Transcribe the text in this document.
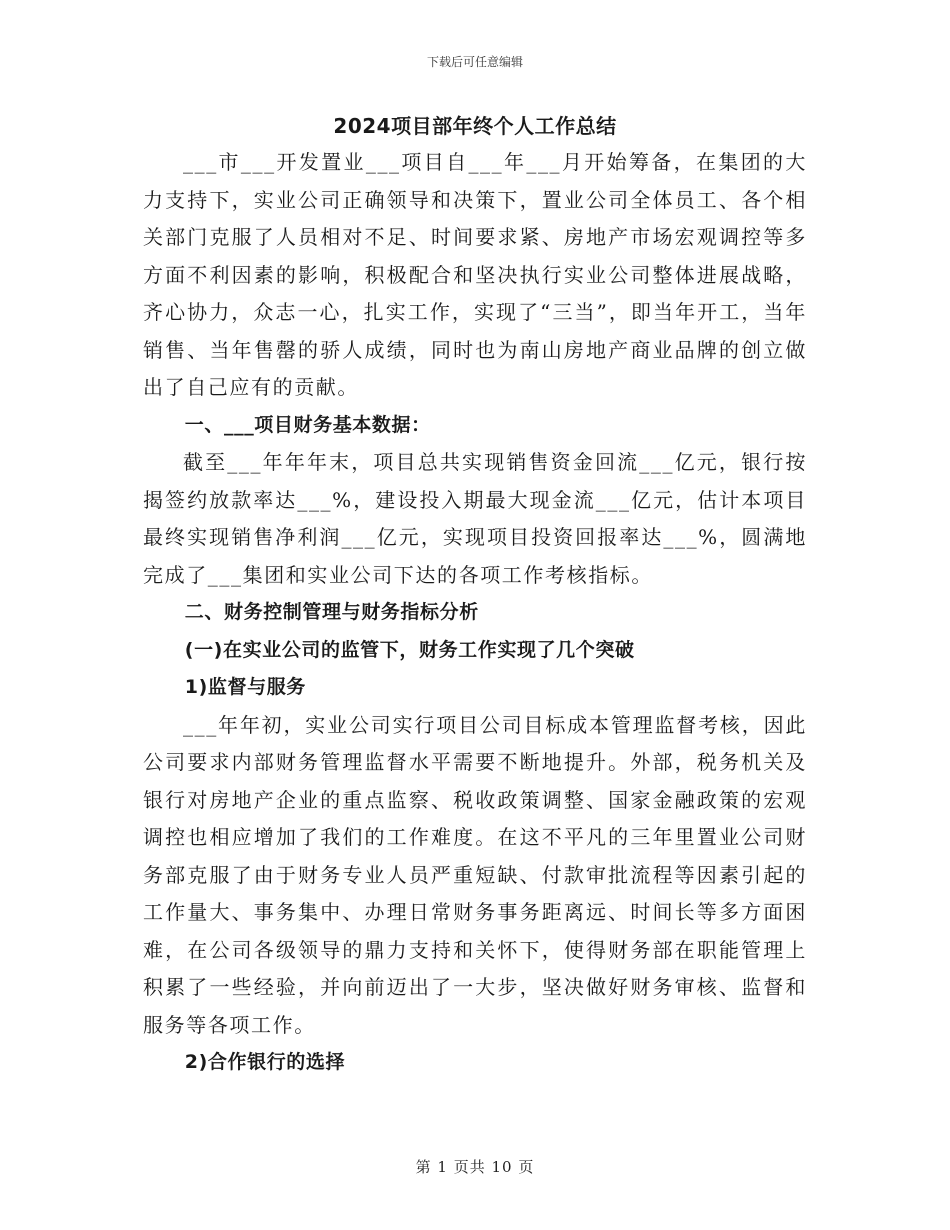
下载后可任意编辑
2024项目部年终个人工作总结

___市___开发置业___项目自___年___月开始筹备，在集团的大力支持下，实业公司正确领导和决策下，置业公司全体员工、各个相关部门克服了人员相对不足、时间要求紧、房地产市场宏观调控等多方面不利因素的影响，积极配合和坚决执行实业公司整体进展战略，齐心协力，众志一心，扎实工作，实现了“三当”，即当年开工，当年销售、当年售罄的骄人成绩，同时也为南山房地产商业品牌的创立做出了自己应有的贡献。

一、___项目财务基本数据：

截至___年年年末，项目总共实现销售资金回流___亿元，银行按揭签约放款率达___%，建设投入期最大现金流___亿元，估计本项目最终实现销售净利润___亿元，实现项目投资回报率达___%，圆满地完成了___集团和实业公司下达的各项工作考核指标。

二、财务控制管理与财务指标分析

(一)在实业公司的监管下，财务工作实现了几个突破

1)监督与服务

___年年初，实业公司实行项目公司目标成本管理监督考核，因此公司要求内部财务管理监督水平需要不断地提升。外部，税务机关及银行对房地产企业的重点监察、税收政策调整、国家金融政策的宏观调控也相应增加了我们的工作难度。在这不平凡的三年里置业公司财务部克服了由于财务专业人员严重短缺、付款审批流程等因素引起的工作量大、事务集中、办理日常财务事务距离远、时间长等多方面困难，在公司各级领导的鼎力支持和关怀下，使得财务部在职能管理上积累了一些经验，并向前迈出了一大步，坚决做好财务审核、监督和服务等各项工作。

2)合作银行的选择

第 1 页共 10 页
